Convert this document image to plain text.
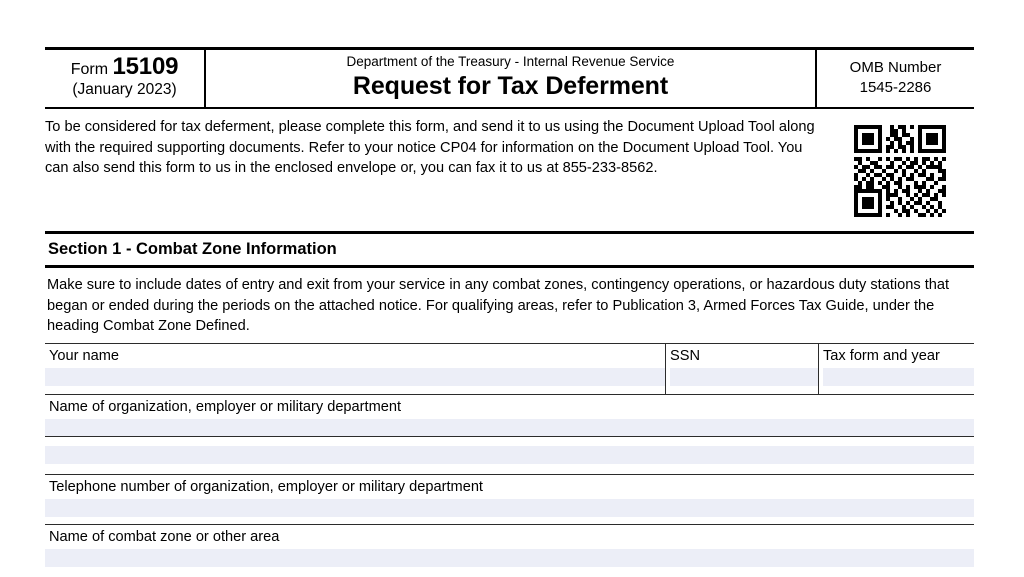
Form 15109
(January 2023)
Department of the Treasury - Internal Revenue Service
Request for Tax Deferment
OMB Number
1545-2286
To be considered for tax deferment, please complete this form, and send it to us using the Document Upload Tool along with the required supporting documents. Refer to your notice CP04 for information on the Document Upload Tool. You can also send this form to us in the enclosed envelope or, you can fax it to us at 855-233-8562.
Section 1 - Combat Zone Information
Make sure to include dates of entry and exit from your service in any combat zones, contingency operations, or hazardous duty stations that began or ended during the periods on the attached notice. For qualifying areas, refer to Publication 3, Armed Forces Tax Guide, under the heading Combat Zone Defined.
Your name	SSN	Tax form and year
Name of organization, employer or military department
Telephone number of organization, employer or military department
Name of combat zone or other area
